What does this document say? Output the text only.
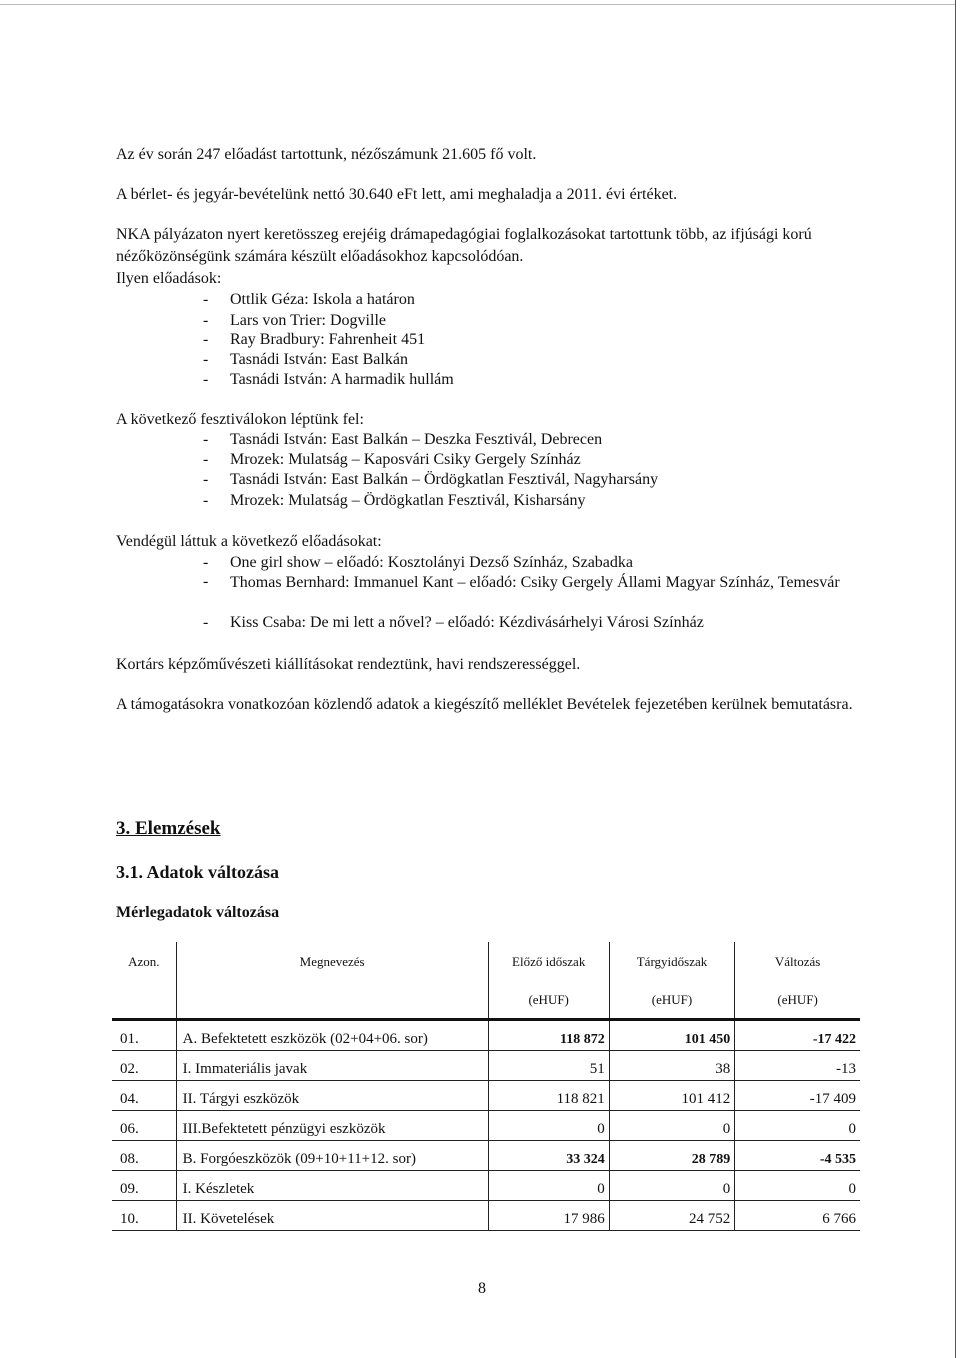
Az év során 247 előadást tartottunk, nézőszámunk 21.605 fő volt.
A bérlet- és jegyár-bevételünk nettó 30.640 eFt lett, ami meghaladja a 2011. évi értéket.
NKA pályázaton nyert keretösszeg erejéig drámapedagógiai foglalkozásokat tartottunk több, az ifjúsági korú nézőközönségünk számára készült előadásokhoz kapcsolódóan.
Ilyen előadások:
- Ottlik Géza: Iskola a határon
- Lars von Trier: Dogville
- Ray Bradbury: Fahrenheit 451
- Tasnádi István: East Balkán
- Tasnádi István: A harmadik hullám
A következő fesztiválokon léptünk fel:
- Tasnádi István: East Balkán – Deszka Fesztivál, Debrecen
- Mrozek: Mulatság – Kaposvári Csiky Gergely Színház
- Tasnádi István: East Balkán – Ördögkatlan Fesztivál, Nagyharsány
- Mrozek: Mulatság – Ördögkatlan Fesztivál, Kisharsány
Vendégül láttuk a következő előadásokat:
- One girl show – előadó: Kosztolányi Dezső Színház, Szabadka
- Thomas Bernhard: Immanuel Kant – előadó: Csiky Gergely Állami Magyar Színház, Temesvár
- Kiss Csaba: De mi lett a nővel? – előadó: Kézdivásárhelyi Városi Színház
Kortárs képzőművészeti kiállításokat rendeztünk, havi rendszerességgel.
A támogatásokra vonatkozóan közlendő adatok a kiegészítő melléklet Bevételek fejezetében kerülnek bemutatásra.
3. Elemzések
3.1. Adatok változása
Mérlegadatok változása
Azon.	Megnevezés	Előző időszak	Tárgyidőszak	Változás
		(eHUF)	(eHUF)	(eHUF)
01.	A. Befektetett eszközök (02+04+06. sor)	118 872	101 450	-17 422
02.	I. Immateriális javak	51	38	-13
04.	II. Tárgyi eszközök	118 821	101 412	-17 409
06.	III.Befektetett pénzügyi eszközök	0	0	0
08.	B. Forgóeszközök (09+10+11+12. sor)	33 324	28 789	-4 535
09.	I. Készletek	0	0	0
10.	II. Követelések	17 986	24 752	6 766
8
